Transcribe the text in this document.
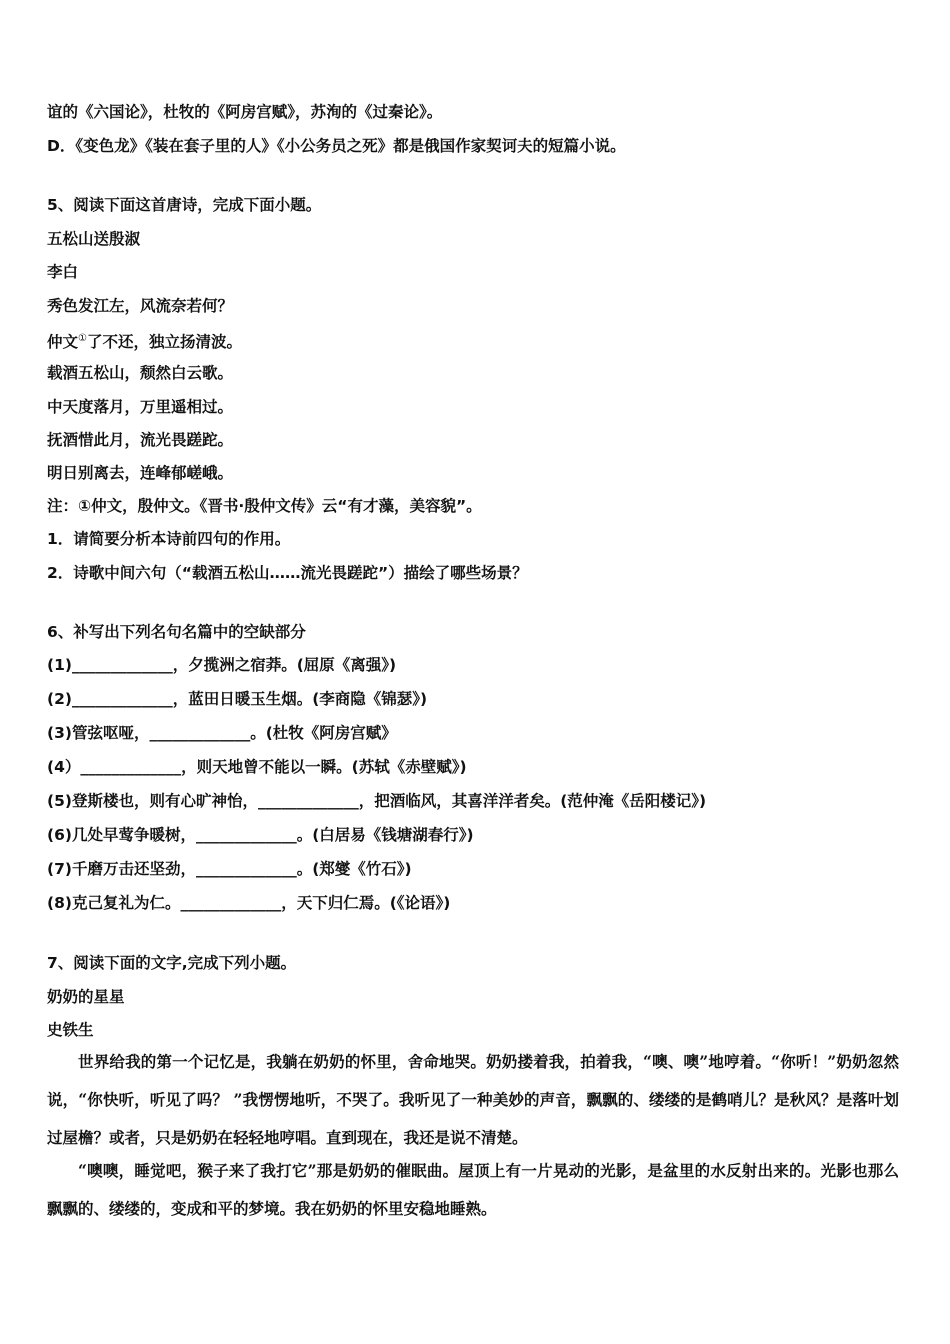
谊的《六国论》，杜牧的《阿房宫赋》，苏洵的《过秦论》。
D．《变色龙》《装在套子里的人》《小公务员之死》都是俄国作家契诃夫的短篇小说。
5、阅读下面这首唐诗，完成下面小题。
五松山送殷淑
李白
秀色发江左，风流奈若何？
仲文①了不还，独立扬清波。
载酒五松山，颓然白云歌。
中天度落月，万里遥相过。
抚酒惜此月，流光畏蹉跎。
明日别离去，连峰郁嵯峨。
注：①仲文，殷仲文。《晋书·殷仲文传》云“有才藻，美容貌”。
1．请简要分析本诗前四句的作用。
2．诗歌中间六句（“载酒五松山……流光畏蹉跎”）描绘了哪些场景？
6、补写出下列名句名篇中的空缺部分
(1)_____________，夕揽洲之宿莽。(屈原《离强》)
(2)_____________，蓝田日暖玉生烟。(李商隐《锦瑟》)
(3)管弦呕哑，_____________。(杜牧《阿房宫赋》
(4）_____________，则天地曾不能以一瞬。(苏轼《赤壁赋》)
(5)登斯楼也，则有心旷神怡，_____________，把酒临风，其喜洋洋者矣。(范仲淹《岳阳楼记》)
(6)几处早莺争暖树，_____________。(白居易《钱塘湖春行》)
(7)千磨万击还坚劲，_____________。(郑燮《竹石》)
(8)克己复礼为仁。_____________，天下归仁焉。(《论语》)
7、阅读下面的文字,完成下列小题。
奶奶的星星
史铁生
世界给我的第一个记忆是，我躺在奶奶的怀里，舍命地哭。奶奶搂着我，拍着我，“噢、噢”地哼着。“你听！”奶奶忽然说，“你快听，听见了吗？ ”我愣愣地听，不哭了。我听见了一种美妙的声音，飘飘的、缕缕的是鹤哨儿？是秋风？是落叶划过屋檐？或者，只是奶奶在轻轻地哼唱。直到现在，我还是说不清楚。
“噢噢，睡觉吧，猴子来了我打它”那是奶奶的催眠曲。屋顶上有一片晃动的光影，是盆里的水反射出来的。光影也那么飘飘的、缕缕的，变成和平的梦境。我在奶奶的怀里安稳地睡熟。
